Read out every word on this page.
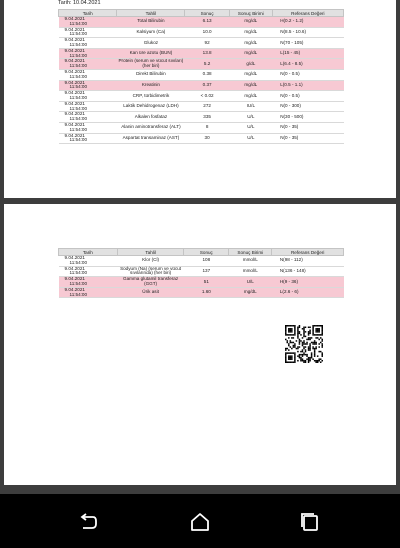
Tarih: 10.04.2021
Tarih	Tahlil	Sonuç	Sonuç Birimi	Referans Değeri

9.04.2021
11:54:00	Total Bilirubin	6.13	mg/dL	H(0.2 - 1.2)

9.04.2021
11:54:00	Kalsiyum (Ca)	10.0	mg/dL	N(8.5 - 10.6)

9.04.2021
11:54:00	Glukoz	92	mg/dL	N(70 - 105)

9.04.2021
11:54:00	Kan üre azotu (BUN)	13.8	mg/dL	L(15 - 45)

9.04.2021
11:54:00	Protein (serum ve vücut sıvıları) (her biri)	5.2	g/dL	L(6.4 - 8.5)

9.04.2021
11:54:00	Direkt Bilirubin	0.38	mg/dL	N(0 - 0.5)

9.04.2021
11:54:00	Kreatinin	0.37	mg/dL	L(0.5 - 1.1)

9.04.2021
11:54:00	CRP, türbidimetrik	< 0.02	mg/dL	N(0 - 0.5)

9.04.2021
11:54:00	Laktik Dehidrogenaz (LDH)	272	IU/L	N(0 - 300)

9.04.2021
11:54:00	Alkalen fosfataz	335	U/L	N(30 - 500)

9.04.2021
11:54:00	Alanin aminotransferaz (ALT)	8	U/L	N(0 - 35)

9.04.2021
11:54:00	Aspartat transaminaz (AST)	30	U/L	N(0 - 35)
Tarih	Tahlil	Sonuç	Sonuç Birimi	Referans Değeri

9.04.2021
11:54:00	Klor (Cl)	108	mmol/L	N(98 - 112)

9.04.2021
11:54:00	Sodyum (Na) (serum ve vücut sıvılarında) (her biri)	137	mmol/L	N(136 - 148)

9.04.2021
11:54:00	Gamma glutamil transferaz (GGT)	51	U/L	H(9 - 36)

9.04.2021
11:54:00	Ürik asit	1.60	mg/dL	L(2.6 - 6)
